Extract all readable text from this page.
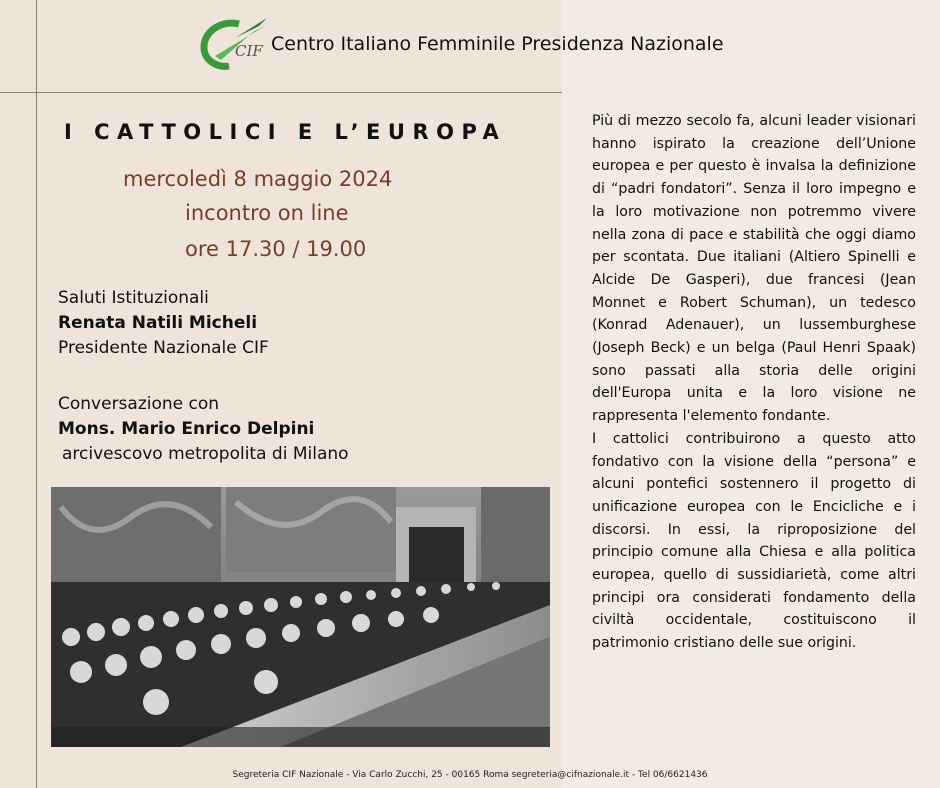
CIF Centro Italiano Femminile Presidenza Nazionale
I CATTOLICI E L’EUROPA
mercoledì 8 maggio 2024
incontro on line
ore 17.30 / 19.00
Saluti Istituzionali
Renata Natili Micheli
Presidente Nazionale CIF
Conversazione con
Mons. Mario Enrico Delpini
arcivescovo metropolita di Milano

Più di mezzo secolo fa, alcuni leader visionari hanno ispirato la creazione dell’Unione europea e per questo è invalsa la definizione di “padri fondatori”. Senza il loro impegno e la loro motivazione non potremmo vivere nella zona di pace e stabilità che oggi diamo per scontata. Due italiani (Altiero Spinelli e Alcide De Gasperi), due francesi (Jean Monnet e Robert Schuman), un tedesco (Konrad Adenauer), un lussemburghese (Joseph Beck) e un belga (Paul Henri Spaak) sono passati alla storia delle origini dell'Europa unita e la loro visione ne rappresenta l'elemento fondante.

I cattolici contribuirono a questo atto fondativo con la visione della “persona” e alcuni pontefici sostennero il progetto di unificazione europea con le Encicliche e i discorsi. In essi, la riproposizione del principio comune alla Chiesa e alla politica europea, quello di sussidiarietà, come altri principi ora considerati fondamento della civiltà occidentale, costituiscono il patrimonio cristiano delle sue origini.

Segreteria CIF Nazionale - Via Carlo Zucchi, 25 - 00165 Roma segreteria@cifnazionale.it - Tel 06/6621436
